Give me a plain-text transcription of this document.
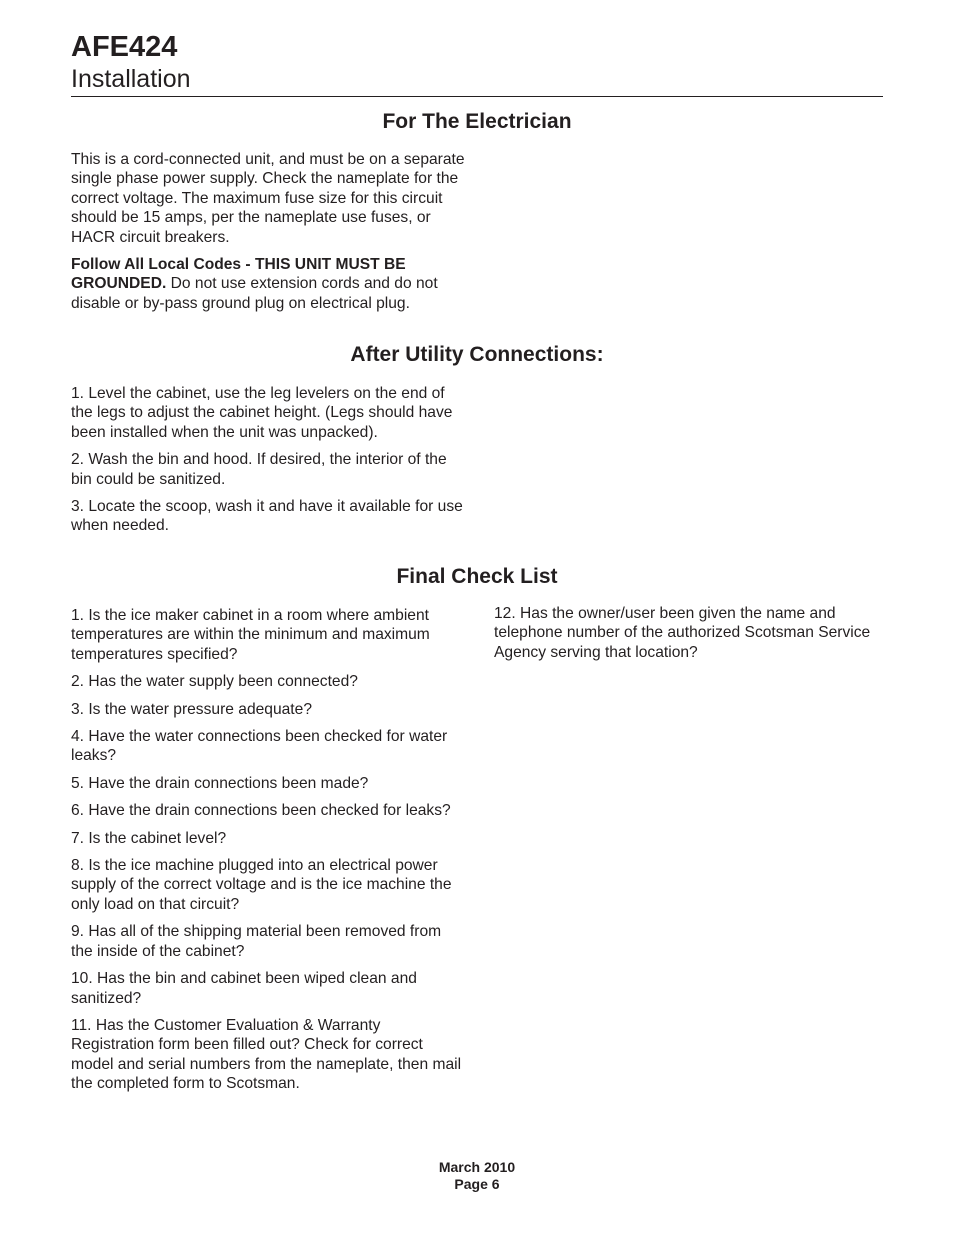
AFE424
Installation
For The Electrician

This is a cord-connected unit, and must be on a separate single phase power supply. Check the nameplate for the correct voltage. The maximum fuse size for this circuit should be 15 amps, per the nameplate use fuses, or HACR circuit breakers.

Follow All Local Codes - THIS UNIT MUST BE GROUNDED. Do not use extension cords and do not disable or by-pass ground plug on electrical plug.

After Utility Connections:

1. Level the cabinet, use the leg levelers on the end of the legs to adjust the cabinet height. (Legs should have been installed when the unit was unpacked).

2. Wash the bin and hood. If desired, the interior of the bin could be sanitized.

3. Locate the scoop, wash it and have it available for use when needed.

Final Check List

1. Is the ice maker cabinet in a room where ambient temperatures are within the minimum and maximum temperatures specified?

2. Has the water supply been connected?

3. Is the water pressure adequate?

4. Have the water connections been checked for water leaks?

5. Have the drain connections been made?

6. Have the drain connections been checked for leaks?

7. Is the cabinet level?

8. Is the ice machine plugged into an electrical power supply of the correct voltage and is the ice machine the only load on that circuit?

9. Has all of the shipping material been removed from the inside of the cabinet?

10. Has the bin and cabinet been wiped clean and sanitized?

11. Has the Customer Evaluation & Warranty Registration form been filled out? Check for correct model and serial numbers from the nameplate, then mail the completed form to Scotsman.

12. Has the owner/user been given the name and telephone number of the authorized Scotsman Service Agency serving that location?

March 2010
Page 6
